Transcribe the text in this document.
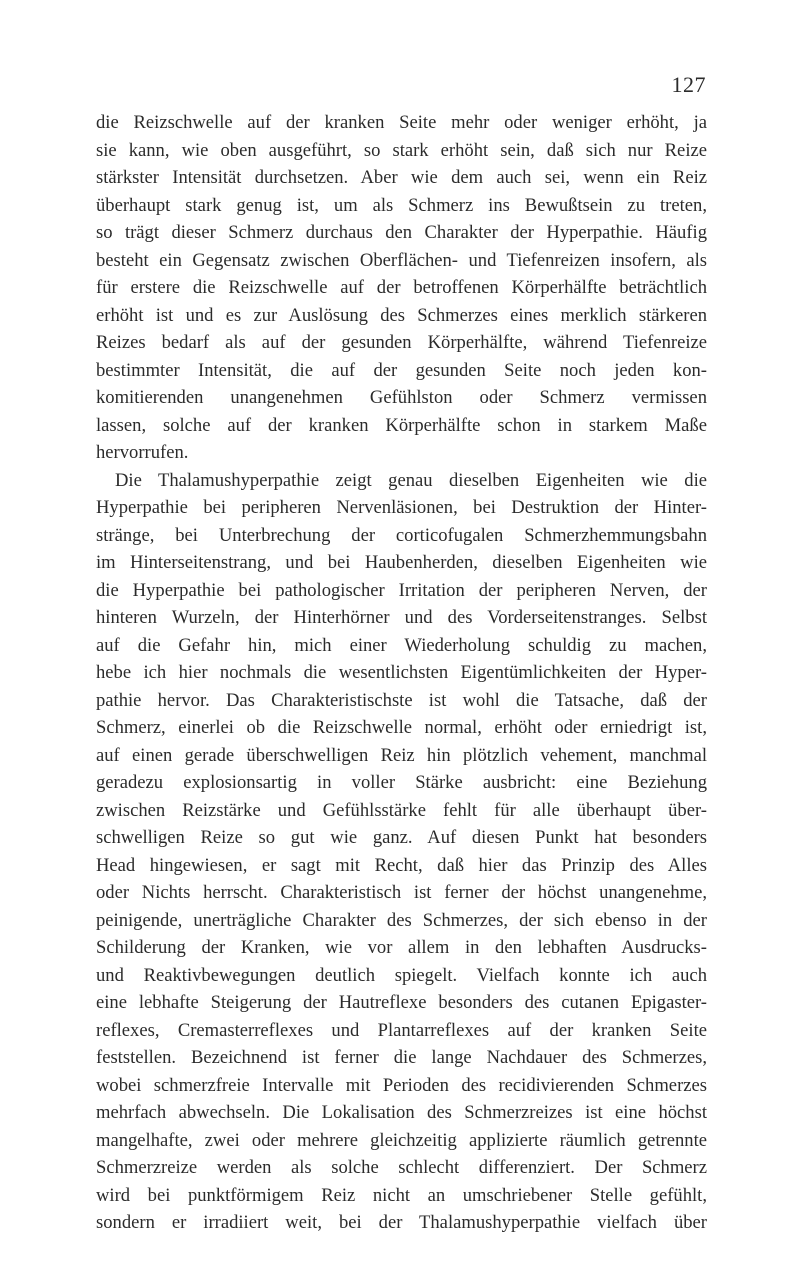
127
die Reizschwelle auf der kranken Seite mehr oder weniger erhöht, ja
sie kann, wie oben ausgeführt, so stark erhöht sein, daß sich nur Reize
stärkster Intensität durchsetzen. Aber wie dem auch sei, wenn ein Reiz
überhaupt stark genug ist, um als Schmerz ins Bewußtsein zu treten,
so trägt dieser Schmerz durchaus den Charakter der Hyperpathie. Häufig
besteht ein Gegensatz zwischen Oberflächen- und Tiefenreizen insofern, als
für erstere die Reizschwelle auf der betroffenen Körperhälfte beträchtlich
erhöht ist und es zur Auslösung des Schmerzes eines merklich stärkeren
Reizes bedarf als auf der gesunden Körperhälfte, während Tiefenreize
bestimmter Intensität, die auf der gesunden Seite noch jeden kon-
komitierenden unangenehmen Gefühlston oder Schmerz vermissen
lassen, solche auf der kranken Körperhälfte schon in starkem Maße
hervorrufen.
Die Thalamushyperpathie zeigt genau dieselben Eigenheiten wie die
Hyperpathie bei peripheren Nervenläsionen, bei Destruktion der Hinter-
stränge, bei Unterbrechung der corticofugalen Schmerzhemmungsbahn
im Hinterseitenstrang, und bei Haubenherden, dieselben Eigenheiten wie
die Hyperpathie bei pathologischer Irritation der peripheren Nerven, der
hinteren Wurzeln, der Hinterhörner und des Vorderseitenstranges. Selbst
auf die Gefahr hin, mich einer Wiederholung schuldig zu machen,
hebe ich hier nochmals die wesentlichsten Eigentümlichkeiten der Hyper-
pathie hervor. Das Charakteristischste ist wohl die Tatsache, daß der
Schmerz, einerlei ob die Reizschwelle normal, erhöht oder erniedrigt ist,
auf einen gerade überschwelligen Reiz hin plötzlich vehement, manchmal
geradezu explosionsartig in voller Stärke ausbricht: eine Beziehung
zwischen Reizstärke und Gefühlsstärke fehlt für alle überhaupt über-
schwelligen Reize so gut wie ganz. Auf diesen Punkt hat besonders
Head hingewiesen, er sagt mit Recht, daß hier das Prinzip des Alles
oder Nichts herrscht. Charakteristisch ist ferner der höchst unangenehme,
peinigende, unerträgliche Charakter des Schmerzes, der sich ebenso in der
Schilderung der Kranken, wie vor allem in den lebhaften Ausdrucks-
und Reaktivbewegungen deutlich spiegelt. Vielfach konnte ich auch
eine lebhafte Steigerung der Hautreflexe besonders des cutanen Epigaster-
reflexes, Cremasterreflexes und Plantarreflexes auf der kranken Seite
feststellen. Bezeichnend ist ferner die lange Nachdauer des Schmerzes,
wobei schmerzfreie Intervalle mit Perioden des recidivierenden Schmerzes
mehrfach abwechseln. Die Lokalisation des Schmerzreizes ist eine höchst
mangelhafte, zwei oder mehrere gleichzeitig applizierte räumlich getrennte
Schmerzreize werden als solche schlecht differenziert. Der Schmerz
wird bei punktförmigem Reiz nicht an umschriebener Stelle gefühlt,
sondern er irradiiert weit, bei der Thalamushyperpathie vielfach über
